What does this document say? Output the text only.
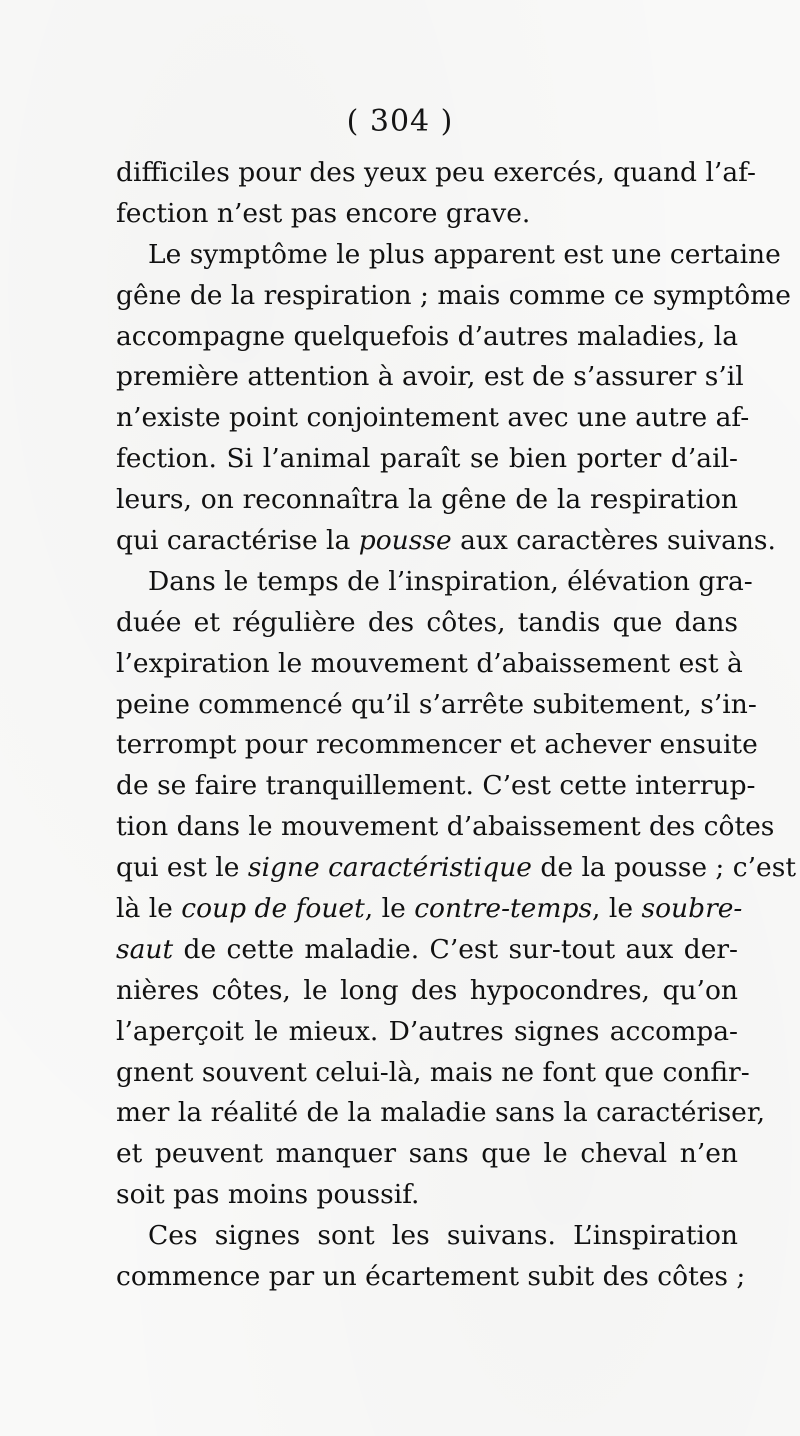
( 304 )
difficiles pour des yeux peu exercés, quand l’af-
fection n’est pas encore grave.
Le symptôme le plus apparent est une certaine
gêne de la respiration ; mais comme ce symptôme
accompagne quelquefois d’autres maladies, la
première attention à avoir, est de s’assurer s’il
n’existe point conjointement avec une autre af-
fection. Si l’animal paraît se bien porter d’ail-
leurs, on reconnaîtra la gêne de la respiration
qui caractérise la pousse aux caractères suivans.
Dans le temps de l’inspiration, élévation gra-
duée et régulière des côtes, tandis que dans
l’expiration le mouvement d’abaissement est à
peine commencé qu’il s’arrête subitement, s’in-
terrompt pour recommencer et achever ensuite
de se faire tranquillement. C’est cette interrup-
tion dans le mouvement d’abaissement des côtes
qui est le signe caractéristique de la pousse ; c’est
là le coup de fouet, le contre-temps, le soubre-
saut de cette maladie. C’est sur-tout aux der-
nières côtes, le long des hypocondres, qu’on
l’aperçoit le mieux. D’autres signes accompa-
gnent souvent celui-là, mais ne font que confir-
mer la réalité de la maladie sans la caractériser,
et peuvent manquer sans que le cheval n’en
soit pas moins poussif.
Ces signes sont les suivans. L’inspiration
commence par un écartement subit des côtes ;
